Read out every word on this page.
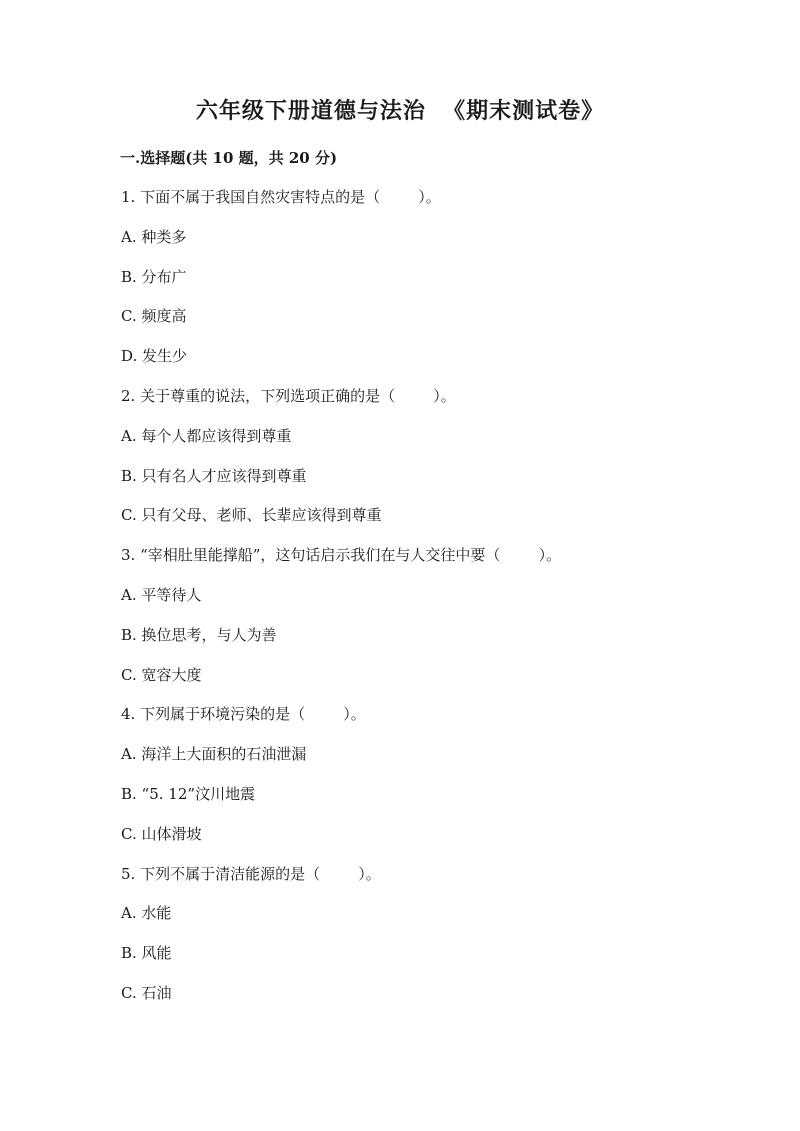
六年级下册道德与法治  《期末测试卷》
一.选择题(共 10 题，共 20 分)
1. 下面不属于我国自然灾害特点的是（        ）。
A. 种类多
B. 分布广
C. 频度高
D. 发生少
2. 关于尊重的说法，下列选项正确的是（        ）。
A. 每个人都应该得到尊重
B. 只有名人才应该得到尊重
C. 只有父母、老师、长辈应该得到尊重
3. “宰相肚里能撑船”，这句话启示我们在与人交往中要（        ）。
A. 平等待人
B. 换位思考，与人为善
C. 宽容大度
4. 下列属于环境污染的是（        ）。
A. 海洋上大面积的石油泄漏
B. “5. 12”汶川地震
C. 山体滑坡
5. 下列不属于清洁能源的是（        ）。
A. 水能
B. 风能
C. 石油
